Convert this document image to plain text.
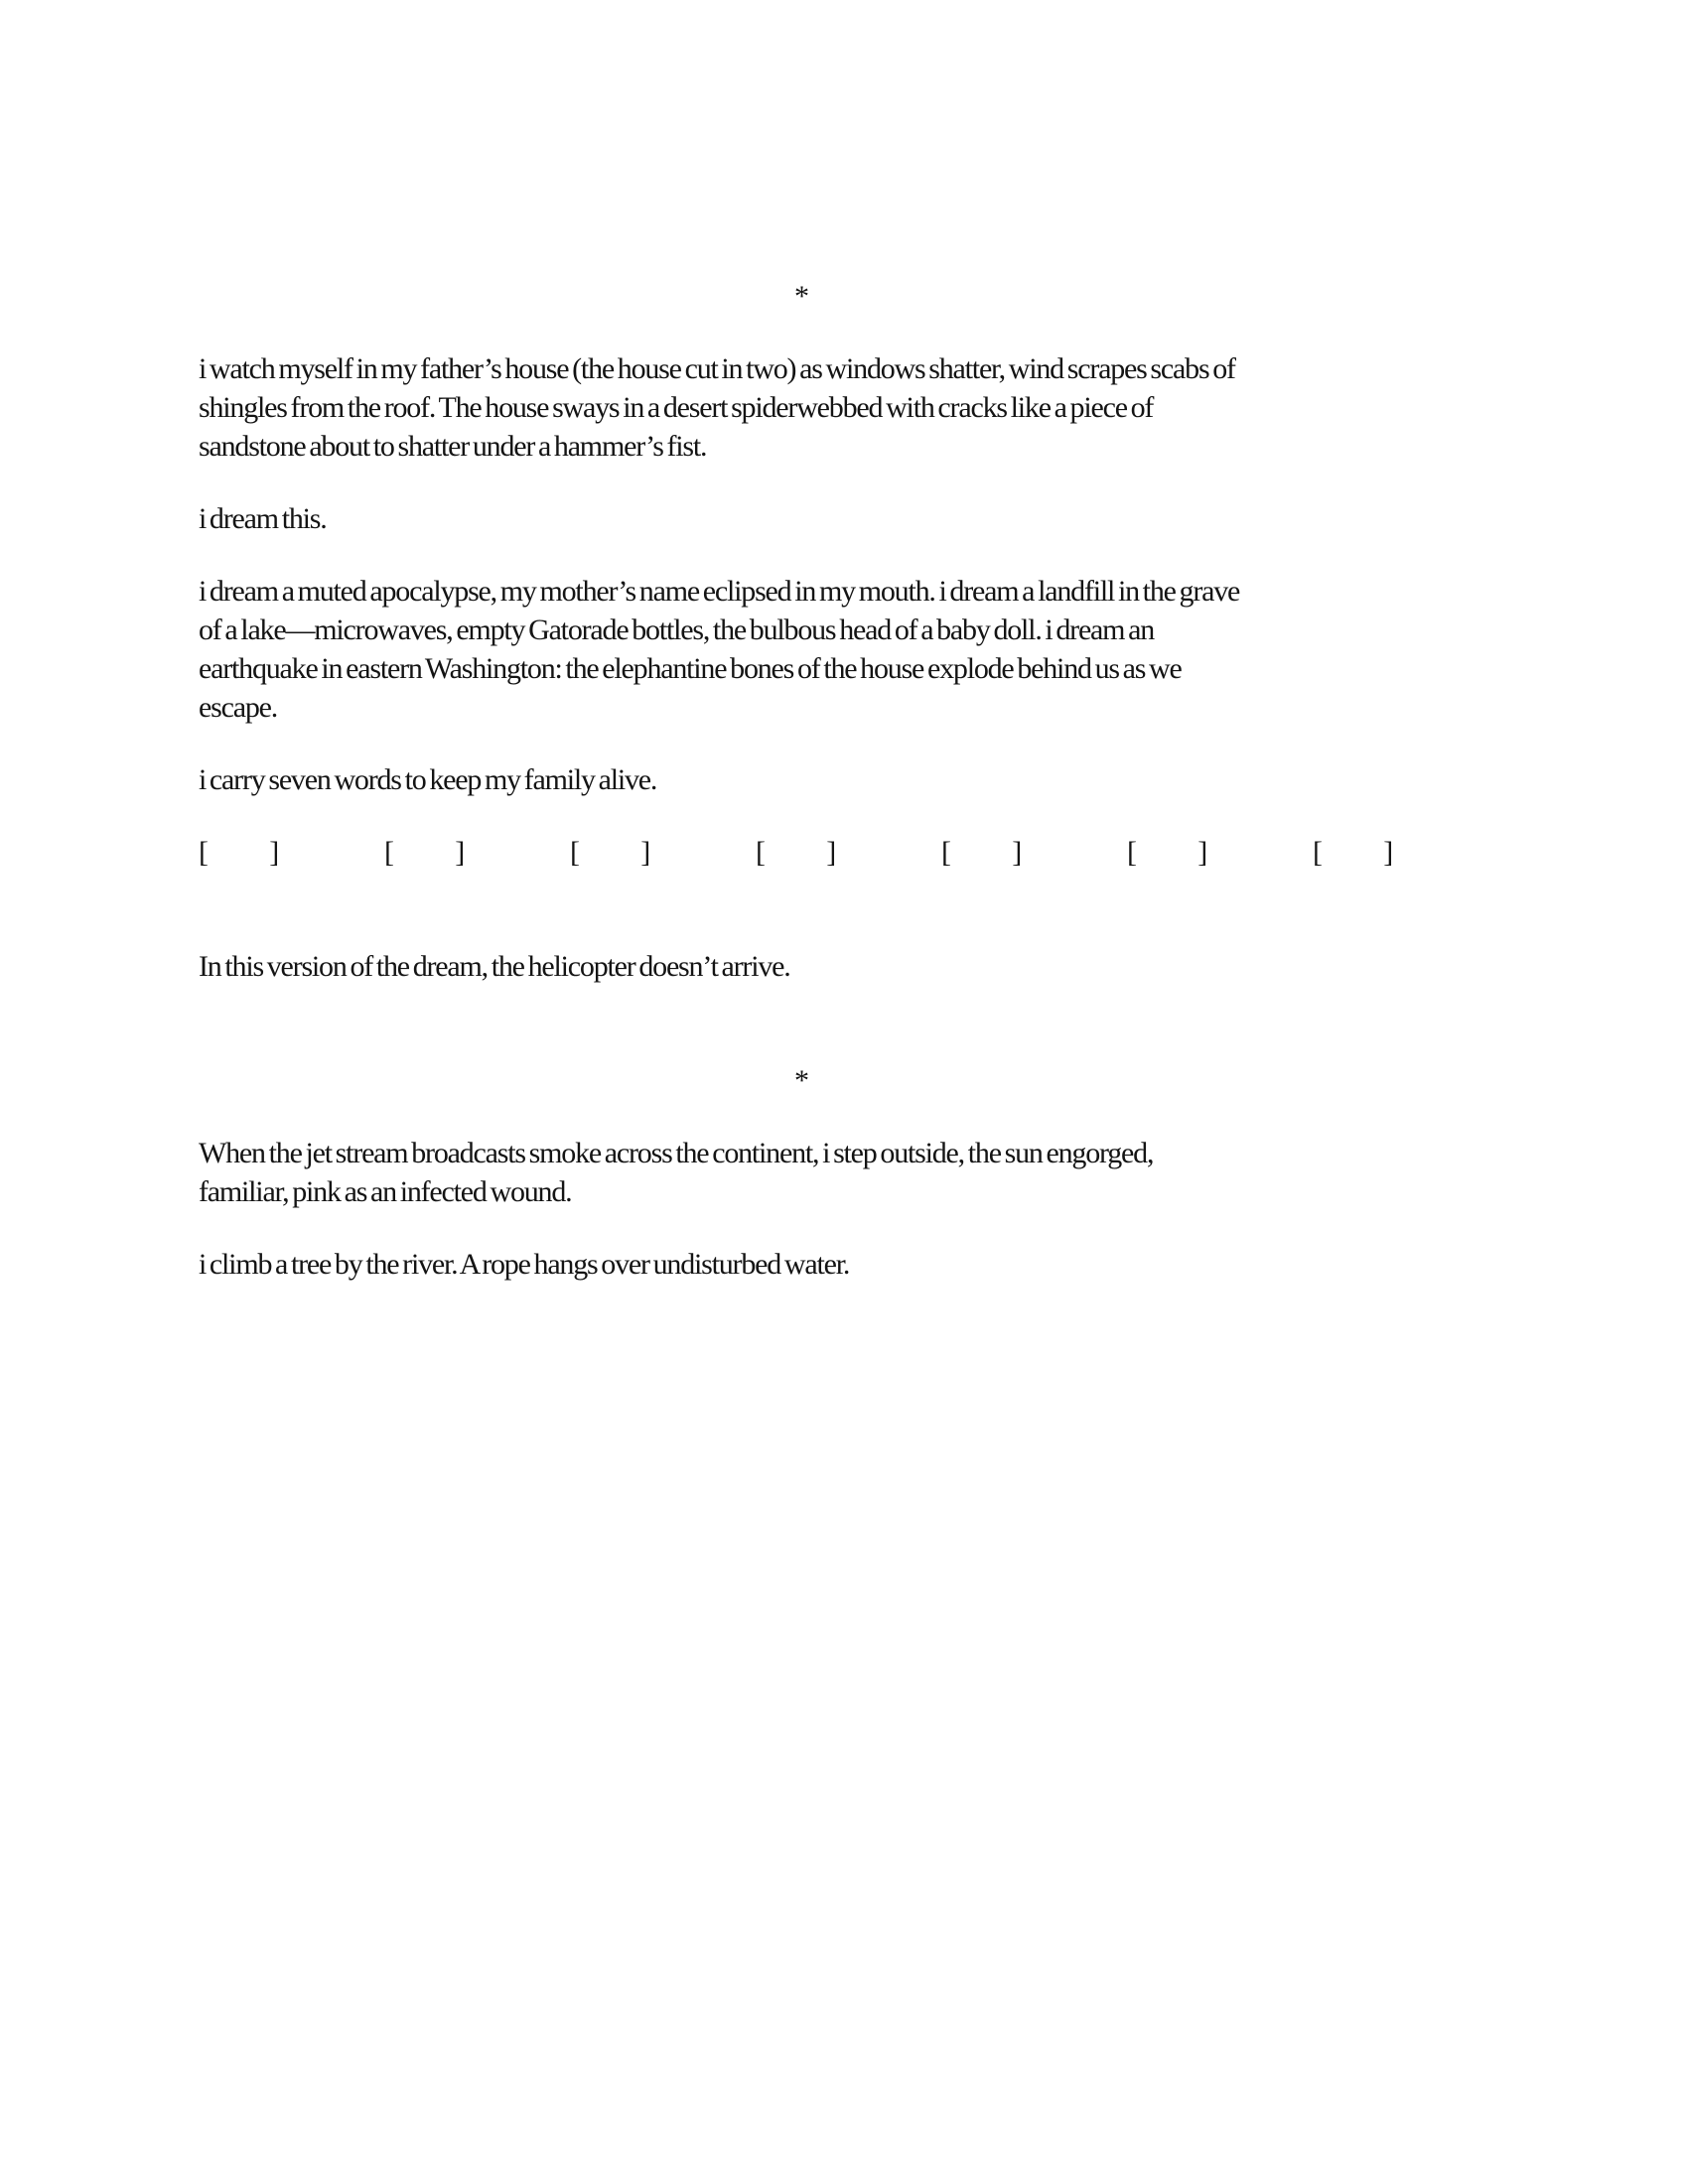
*
i watch myself in my father’s house (the house cut in two) as windows shatter, wind scrapes scabs of
shingles from the roof. The house sways in a desert spiderwebbed with cracks like a piece of
sandstone about to shatter under a hammer’s fist.
i dream this.
i dream a muted apocalypse, my mother’s name eclipsed in my mouth. i dream a landfill in the grave
of a lake—microwaves, empty Gatorade bottles, the bulbous head of a baby doll. i dream an
earthquake in eastern Washington: the elephantine bones of the house explode behind us as we
escape.
i carry seven words to keep my family alive.
[ ]	[ ]	[ ]	[ ]	[ ]	[ ]	[ ]
In this version of the dream, the helicopter doesn’t arrive.
*
When the jet stream broadcasts smoke across the continent, i step outside, the sun engorged,
familiar, pink as an infected wound.
i climb a tree by the river. A rope hangs over undisturbed water.
